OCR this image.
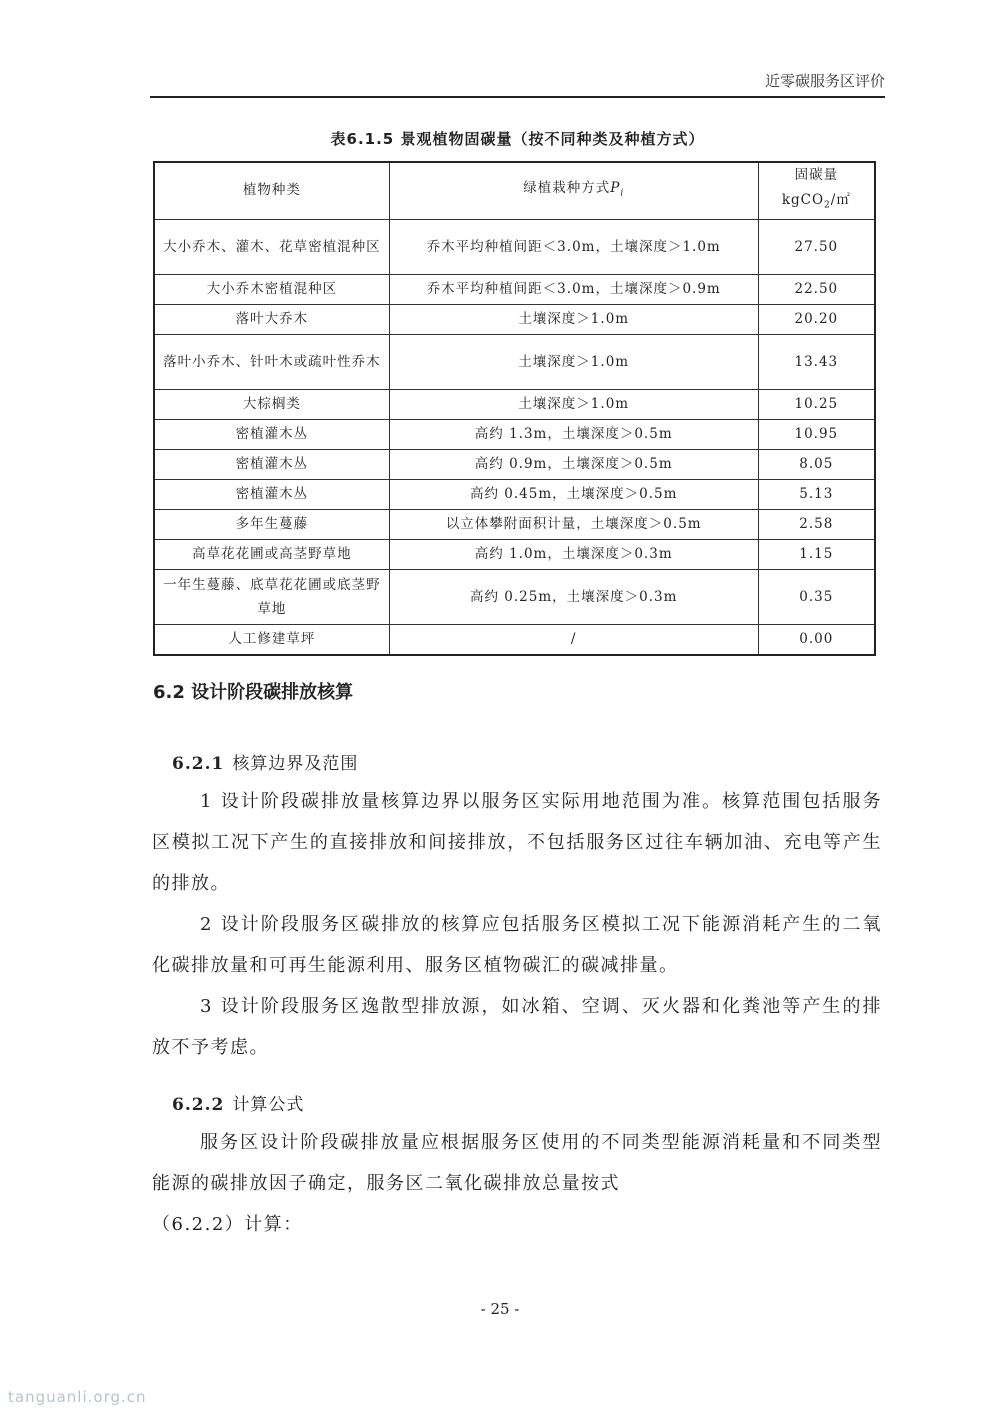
近零碳服务区评价
表6.1.5 景观植物固碳量（按不同种类及种植方式）
植物种类	绿植栽种方式$P_i$	固碳量
kgCO$_2$/㎡

大小乔木、灌木、花草密植混种区	乔木平均种植间距＜3.0m，土壤深度＞1.0m	27.50
大小乔木密植混种区	乔木平均种植间距＜3.0m，土壤深度＞0.9m	22.50
落叶大乔木	土壤深度＞1.0m	20.20
落叶小乔木、针叶木或疏叶性乔木	土壤深度＞1.0m	13.43
大棕榈类	土壤深度＞1.0m	10.25
密植灌木丛	高约 1.3m，土壤深度＞0.5m	10.95
密植灌木丛	高约 0.9m，土壤深度＞0.5m	8.05
密植灌木丛	高约 0.45m，土壤深度＞0.5m	5.13
多年生蔓藤	以立体攀附面积计量，土壤深度＞0.5m	2.58
高草花花圃或高茎野草地	高约 1.0m，土壤深度＞0.3m	1.15
一年生蔓藤、底草花花圃或底茎野草地	高约 0.25m，土壤深度＞0.3m	0.35
人工修建草坪	/	0.00
6.2 设计阶段碳排放核算
6.2.1 核算边界及范围

1 设计阶段碳排放量核算边界以服务区实际用地范围为准。核算范围包括服务区模拟工况下产生的直接排放和间接排放，不包括服务区过往车辆加油、充电等产生的排放。

2 设计阶段服务区碳排放的核算应包括服务区模拟工况下能源消耗产生的二氧化碳排放量和可再生能源利用、服务区植物碳汇的碳减排量。

3 设计阶段服务区逸散型排放源，如冰箱、空调、灭火器和化粪池等产生的排放不予考虑。

6.2.2 计算公式

服务区设计阶段碳排放量应根据服务区使用的不同类型能源消耗量和不同类型能源的碳排放因子确定，服务区二氧化碳排放总量按式

（6.2.2）计算：

- 25 -
tanguanli.org.cn
